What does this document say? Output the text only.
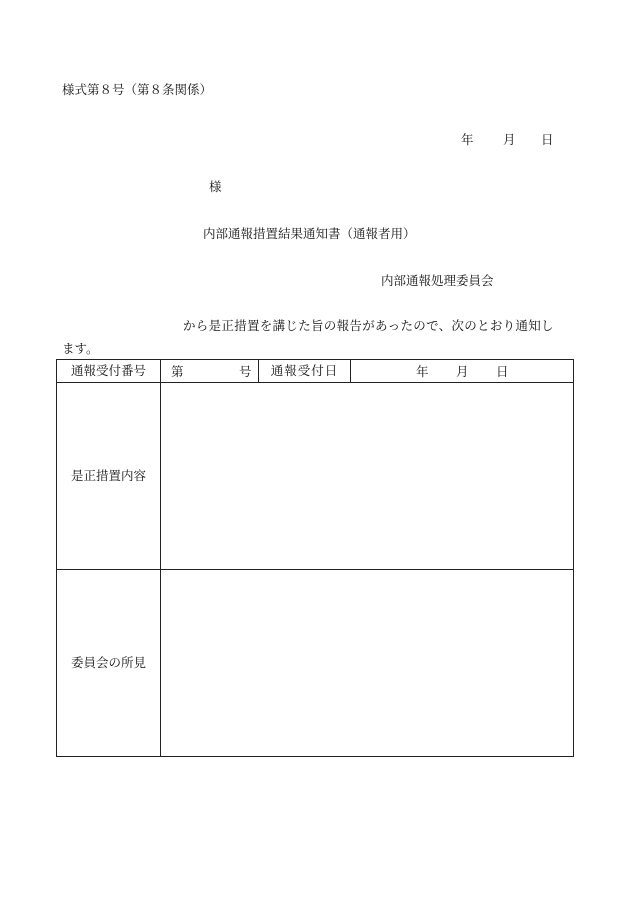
様式第８号（第８条関係）
年 月 日
様
内部通報措置結果通知書（通報者用）
内部通報処理委員会
から是正措置を講じた旨の報告があったので、次のとおり通知し
ます。
通報受付番号	第 号	通報受付日	年 月 日

是正措置内容			
委員会の所見			
